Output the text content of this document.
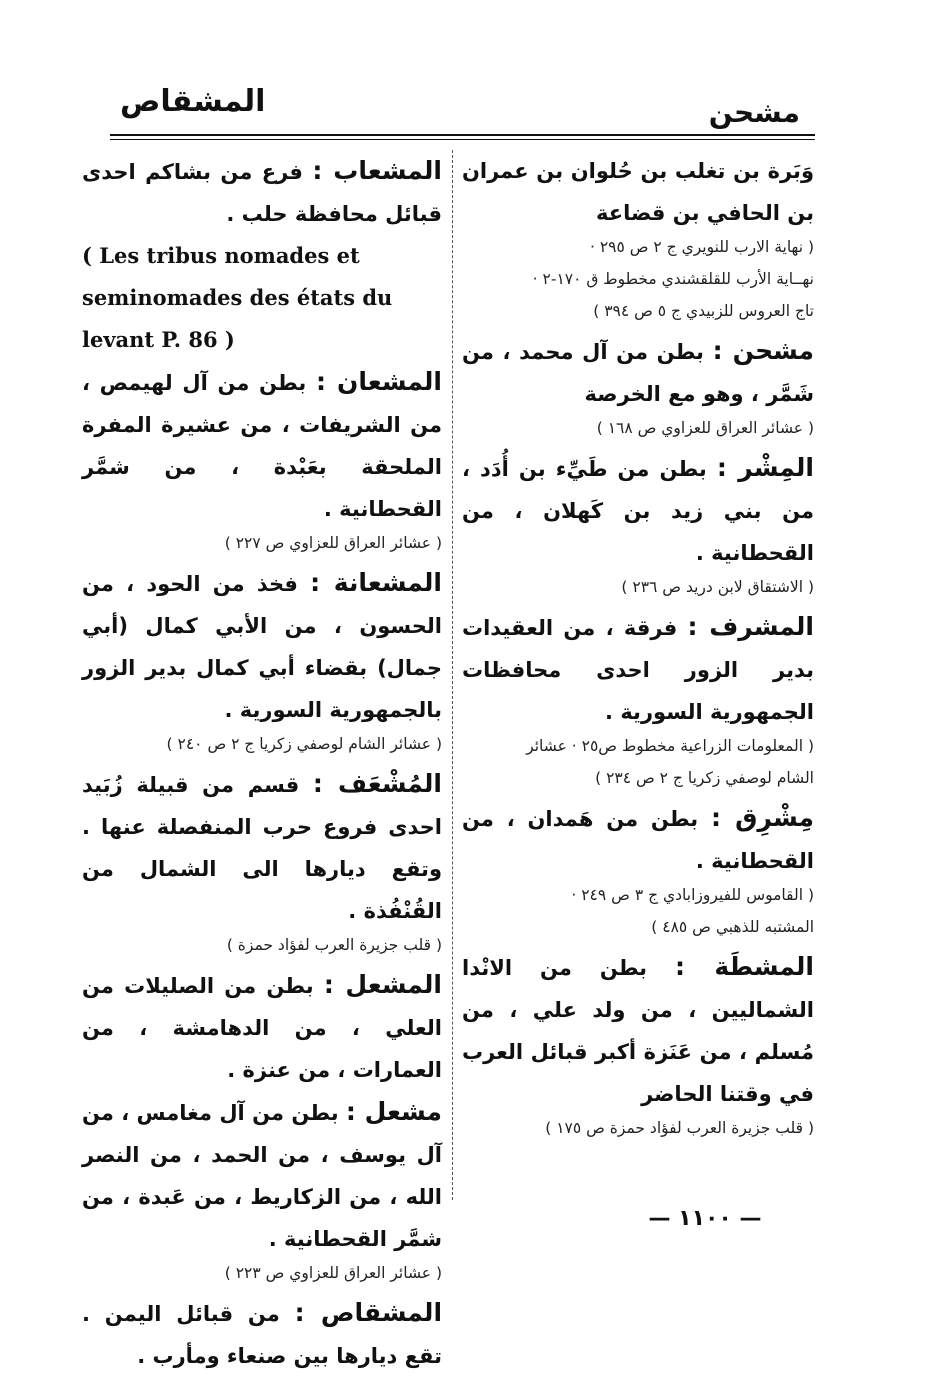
المشقاص	مشحن

وَبَرة بن تغلب بن حُلوان بن عمران بن الحافي بن قضاعة

( نهاية الارب للنويري ج ٢ ص ٢٩٥ ·

نهــاية الأرب للقلقشندي مخطوط ق ١٧٠-٢ ·

تاج العروس للزبيدي ج ٥ ص ٣٩٤ )

مشحن : بطن من آل محمد ، من شَمَّر ، وهو مع الخرصة

( عشائر العراق للعزاوي ص ١٦٨ )

المِشْر : بطن من طَيِّء بن أُدَد ، من بني زيد بن كَهلان ، من القحطانية .

( الاشتقاق لابن دريد ص ٢٣٦ )

المشرف : فرقة ، من العقيدات بدير الزور احدى محافظات الجمهورية السورية .

( المعلومات الزراعية مخطوط ص٢٥ · عشائر

الشام لوصفي زكريا ج ٢ ص ٢٣٤ )

مِشْرِق : بطن من هَمدان ، من القحطانية .

( القاموس للفيروزابادي ج ٣ ص ٢٤٩ ·

المشتبه للذهبي ص ٤٨٥ )

المشطَة : بطن من الانْدا الشماليين ، من ولد علي ، من مُسلم ، من عَنَزة أكبر قبائل العرب في وقتنا الحاضر

( قلب جزيرة العرب لفؤاد حمزة ص ١٧٥ )

المشعاب : فرع من بشاكم احدى قبائل محافظة حلب .

( Les tribus nomades et seminomades des états du levant P. 86 )

المشعان : بطن من آل لهيمص ، من الشريفات ، من عشيرة المفرة الملحقة بعَبْدة ، من شمَّر القحطانية .

( عشائر العراق للعزاوي ص ٢٢٧ )

المشعانة : فخذ من الحود ، من الحسون ، من الأبي كمال (أبي جمال) بقضاء أبي كمال بدير الزور بالجمهورية السورية .

( عشائر الشام لوصفي زكريا ج ٢ ص ٢٤٠ )

المُشْعَف : قسم من قبيلة زُبَيد احدى فروع حرب المنفصلة عنها . وتقع ديارها الى الشمال من القُنْفُذة .

( قلب جزيرة العرب لفؤاد حمزة )

المشعل : بطن من الصليلات من العلي ، من الدهامشة ، من العمارات ، من عنزة .

مشعل : بطن من آل مغامس ، من آل يوسف ، من الحمد ، من النصر الله ، من الزكاريط ، من عَبدة ، من شمَّر القحطانية .

( عشائر العراق للعزاوي ص ٢٢٣ )

المشقاص : من قبائل اليمن . تقع ديارها بين صنعاء ومأرب .

— ١١٠٠ —
